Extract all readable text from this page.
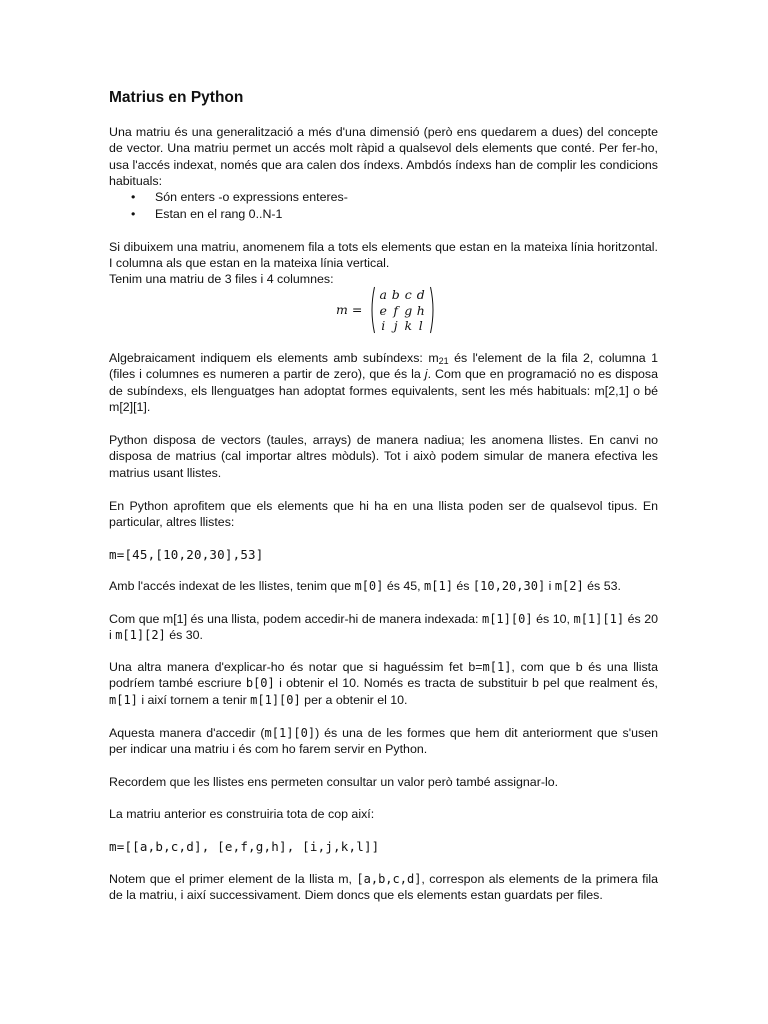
Matrius en Python

Una matriu és una generalització a més d'una dimensió (però ens quedarem a dues) del concepte de vector. Una matriu permet un accés molt ràpid a qualsevol dels elements que conté. Per fer-ho, usa l'accés indexat, només que ara calen dos índexs. Ambdós índexs han de complir les condicions habituals:

• Són enters -o expressions enteres-
• Estan en el rang 0..N-1

Si dibuixem una matriu, anomenem fila a tots els elements que estan en la mateixa línia horitzontal. I columna als que estan en la mateixa línia vertical.

Tenim una matriu de 3 files i 4 columnes:

m =
a b c d
e f g h
i j k l

Algebraicament indiquem els elements amb subíndexs: $m_{21}$ és l'element de la fila 2, columna 1 (files i columnes es numeren a partir de zero), que és la j. Com que en programació no es disposa de subíndexs, els llenguatges han adoptat formes equivalents, sent les més habituals: m[2,1] o bé m[2][1].

Python disposa de vectors (taules, arrays) de manera nadiua; les anomena llistes. En canvi no disposa de matrius (cal importar altres mòduls). Tot i això podem simular de manera efectiva les matrius usant llistes.

En Python aprofitem que els elements que hi ha en una llista poden ser de qualsevol tipus. En particular, altres llistes:

m=[45,[10,20,30],53]

Amb l'accés indexat de les llistes, tenim que m[0] és 45, m[1] és [10,20,30] i m[2] és 53.

Com que m[1] és una llista, podem accedir-hi de manera indexada: m[1][0] és 10, m[1][1] és 20 i m[1][2] és 30.

Una altra manera d'explicar-ho és notar que si haguéssim fet b=m[1], com que b és una llista podríem també escriure b[0] i obtenir el 10. Només es tracta de substituir b pel que realment és, m[1] i així tornem a tenir m[1][0] per a obtenir el 10.

Aquesta manera d'accedir (m[1][0]) és una de les formes que hem dit anteriorment que s'usen per indicar una matriu i és com ho farem servir en Python.

Recordem que les llistes ens permeten consultar un valor però també assignar-lo.

La matriu anterior es construiria tota de cop així:

m=[[a,b,c,d], [e,f,g,h], [i,j,k,l]]

Notem que el primer element de la llista m, [a,b,c,d], correspon als elements de la primera fila de la matriu, i així successivament. Diem doncs que els elements estan guardats per files.
